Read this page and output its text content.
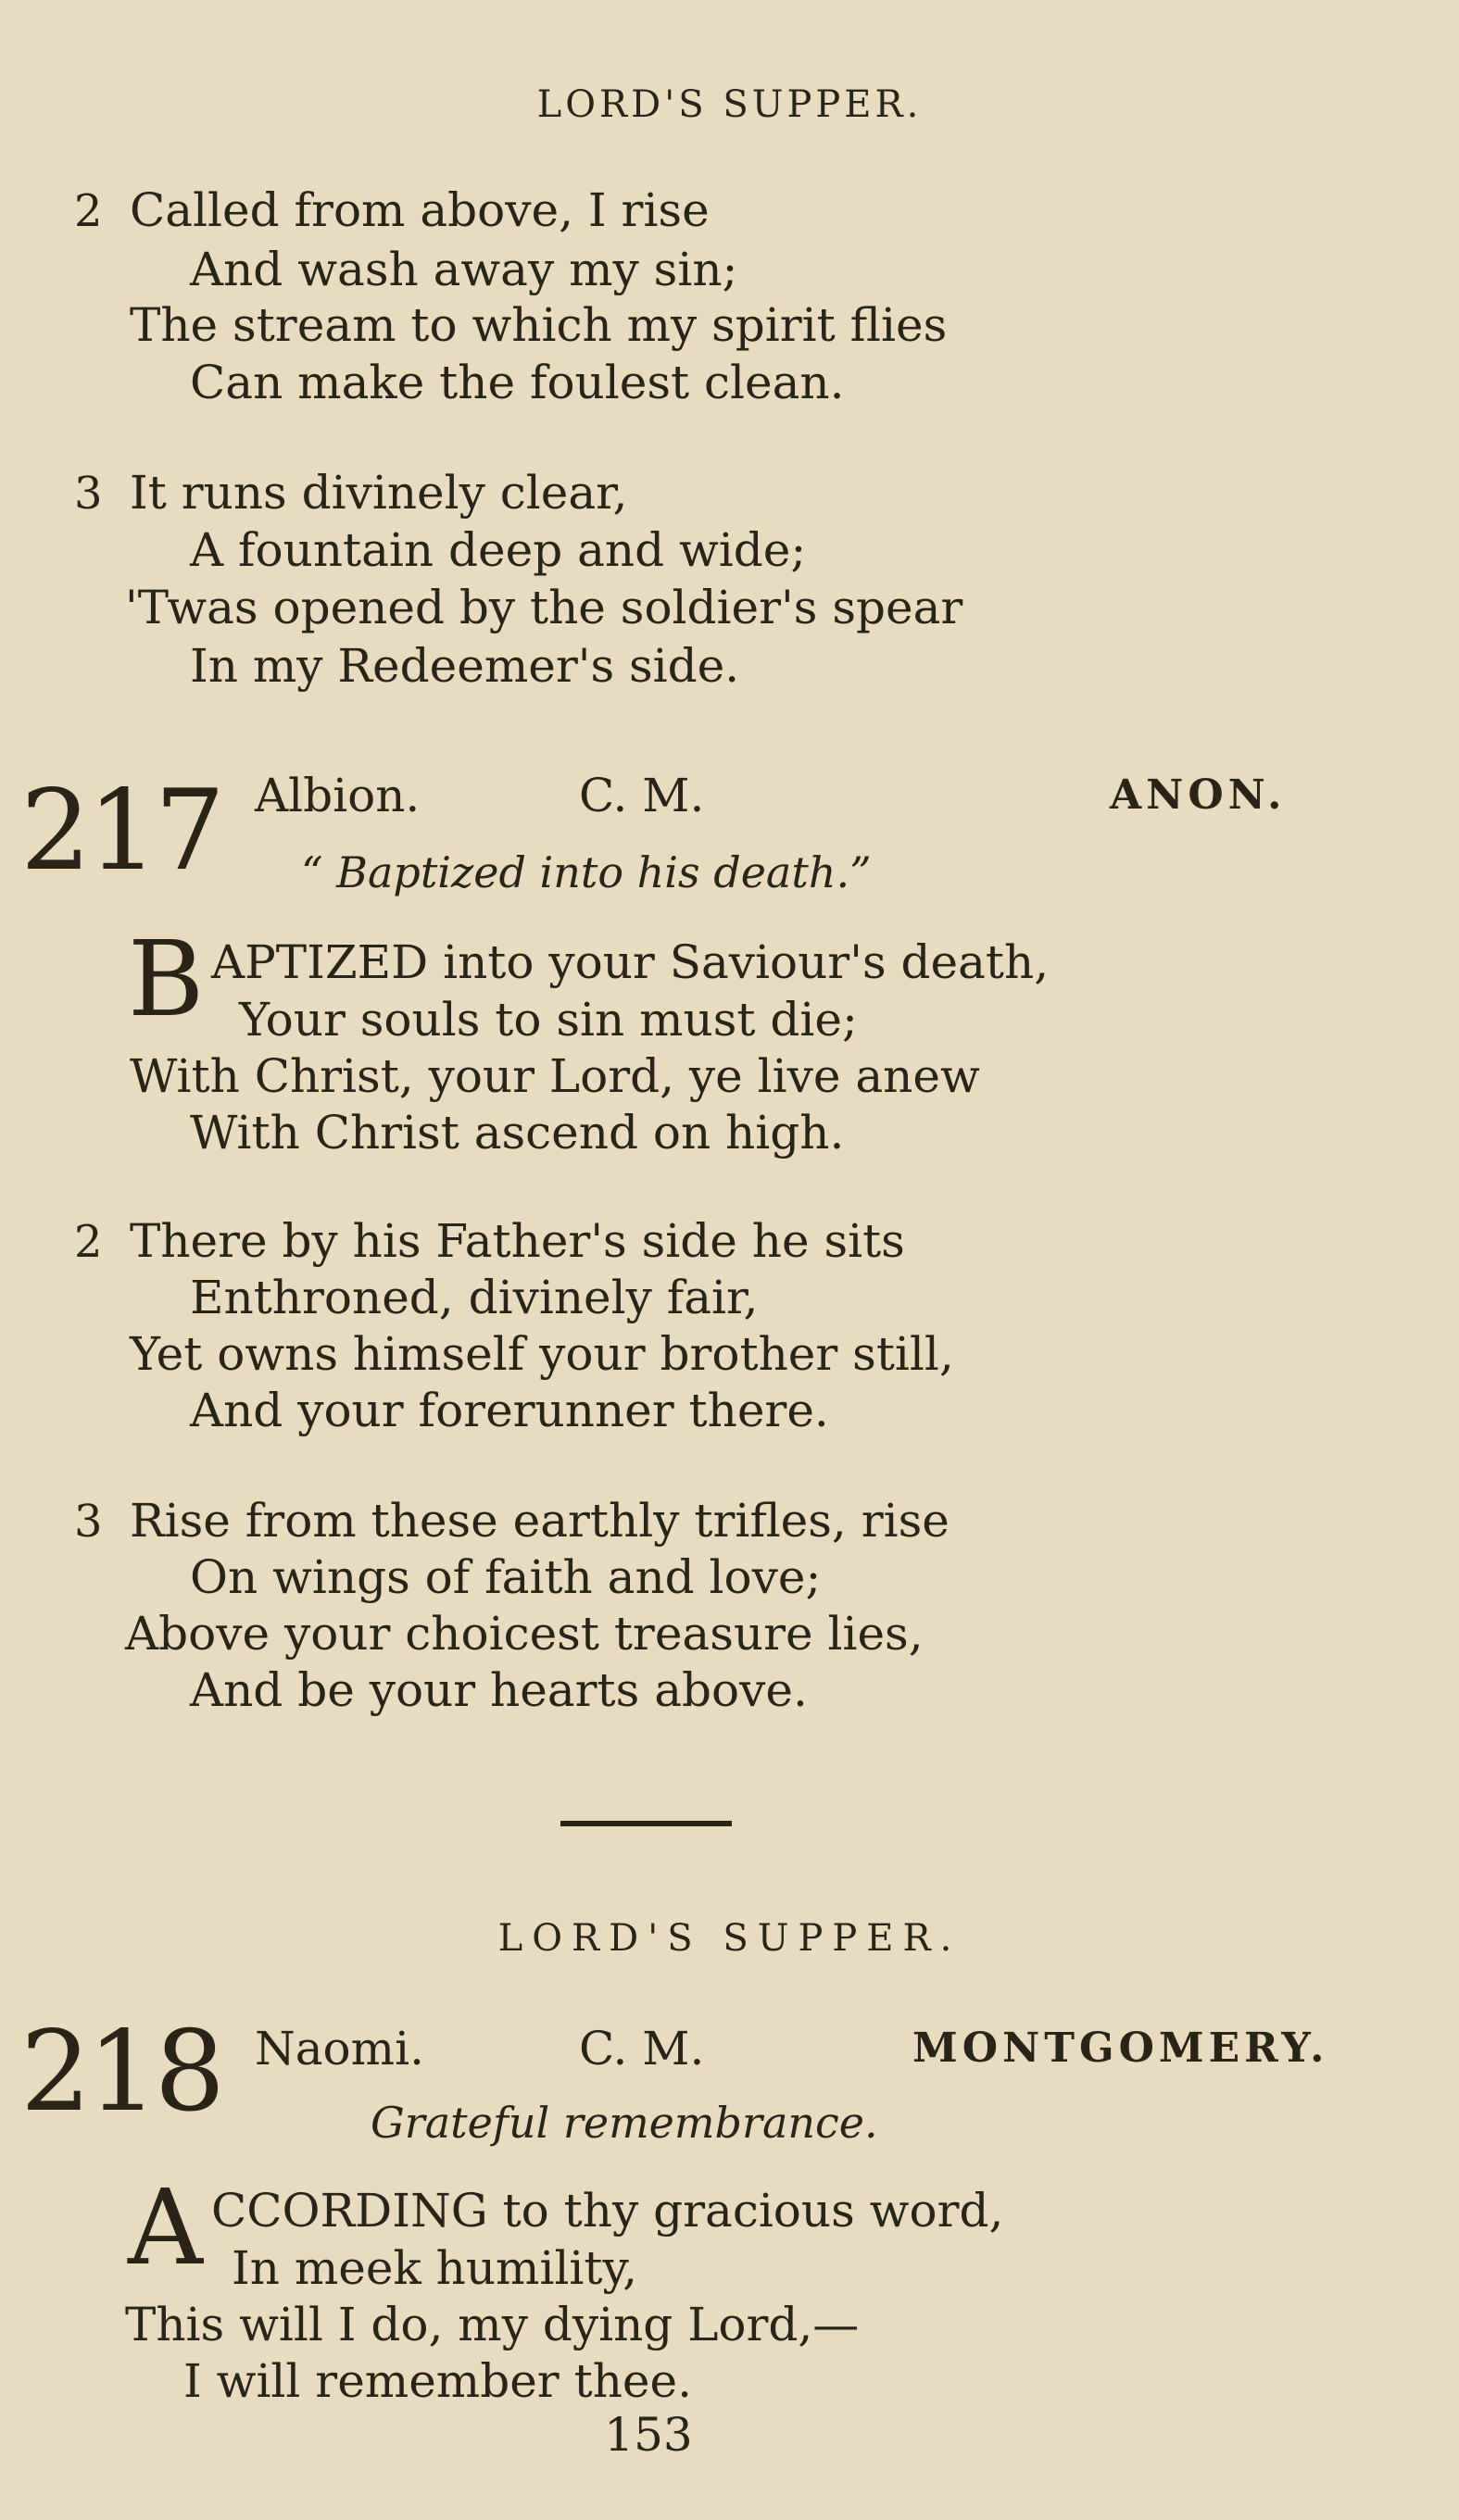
LORD'S SUPPER.
2 Called from above, I rise
And wash away my sin;
The stream to which my spirit flies
Can make the foulest clean.
3 It runs divinely clear,
A fountain deep and wide;
'Twas opened by the soldier's spear
In my Redeemer's side.
217 Albion.	C. M.	ANON.
“ Baptized into his death.”
B APTIZED into your Saviour's death,
Your souls to sin must die;
With Christ, your Lord, ye live anew
With Christ ascend on high.
2 There by his Father's side he sits
Enthroned, divinely fair,
Yet owns himself your brother still,
And your forerunner there.
3 Rise from these earthly trifles, rise
On wings of faith and love;
Above your choicest treasure lies,
And be your hearts above.
LORD'S SUPPER.
218 Naomi.	C. M.	MONTGOMERY.
Grateful remembrance.
A CCORDING to thy gracious word,
In meek humility,
This will I do, my dying Lord,—
I will remember thee.
153
